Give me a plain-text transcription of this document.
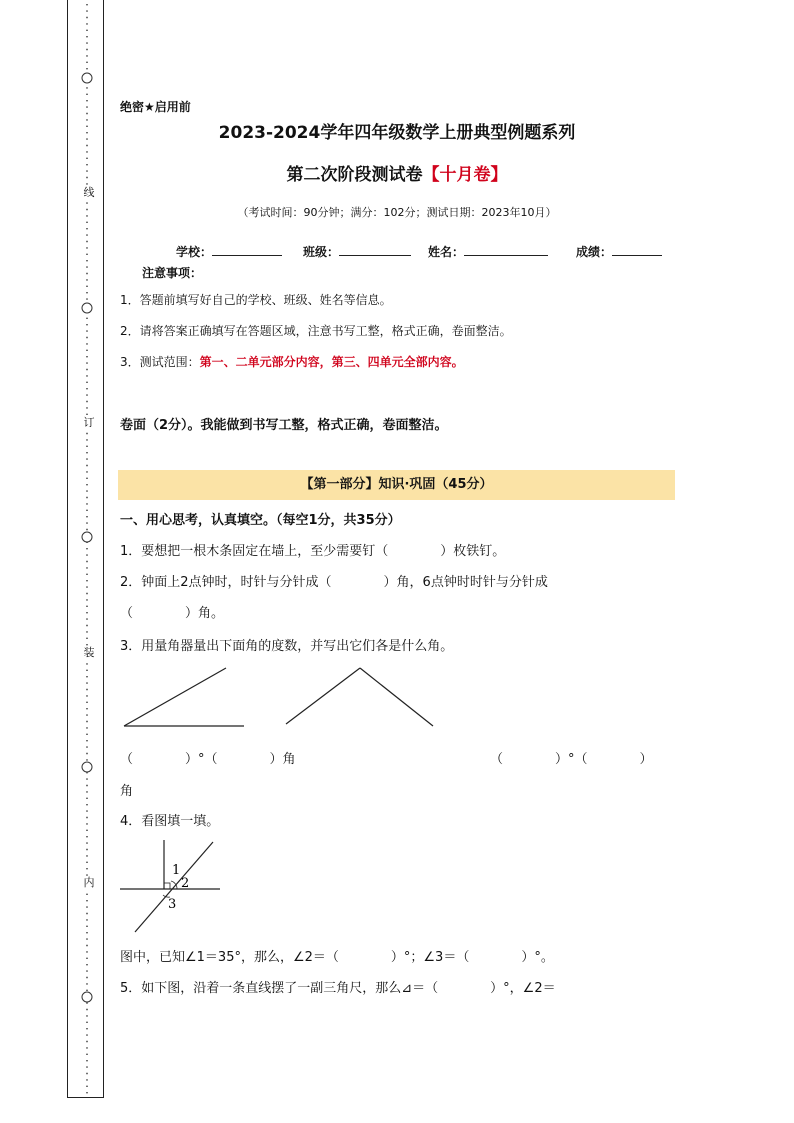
线
订
装
内
绝密★启用前
2023-2024学年四年级数学上册典型例题系列
第二次阶段测试卷【十月卷】
（考试时间：90分钟；满分：102分；测试日期：2023年10月）
学校：	班级：	姓名：	成绩：
注意事项：
1．答题前填写好自己的学校、班级、姓名等信息。
2．请将答案正确填写在答题区域，注意书写工整，格式正确，卷面整洁。
3．测试范围：第一、二单元部分内容，第三、四单元全部内容。
卷面（2分）。我能做到书写工整，格式正确，卷面整洁。
【第一部分】知识·巩固（45分）
一、用心思考，认真填空。（每空1分，共35分）
1．要想把一根木条固定在墙上，至少需要钉（　　　　）枚铁钉。
2．钟面上2点钟时，时针与分针成（　　　　）角，6点钟时时针与分针成
（　　　　）角。
3．用量角器量出下面角的度数，并写出它们各是什么角。
（　　　　）°（　　　　）角	（　　　　）°（　　　　）
角
4．看图填一填。
1
2
3
图中，已知∠1＝35°，那么，∠2＝（　　　　）°；∠3＝（　　　　）°。
5．如下图，沿着一条直线摆了一副三角尺，那么⊿＝（　　　　）°，∠2＝
